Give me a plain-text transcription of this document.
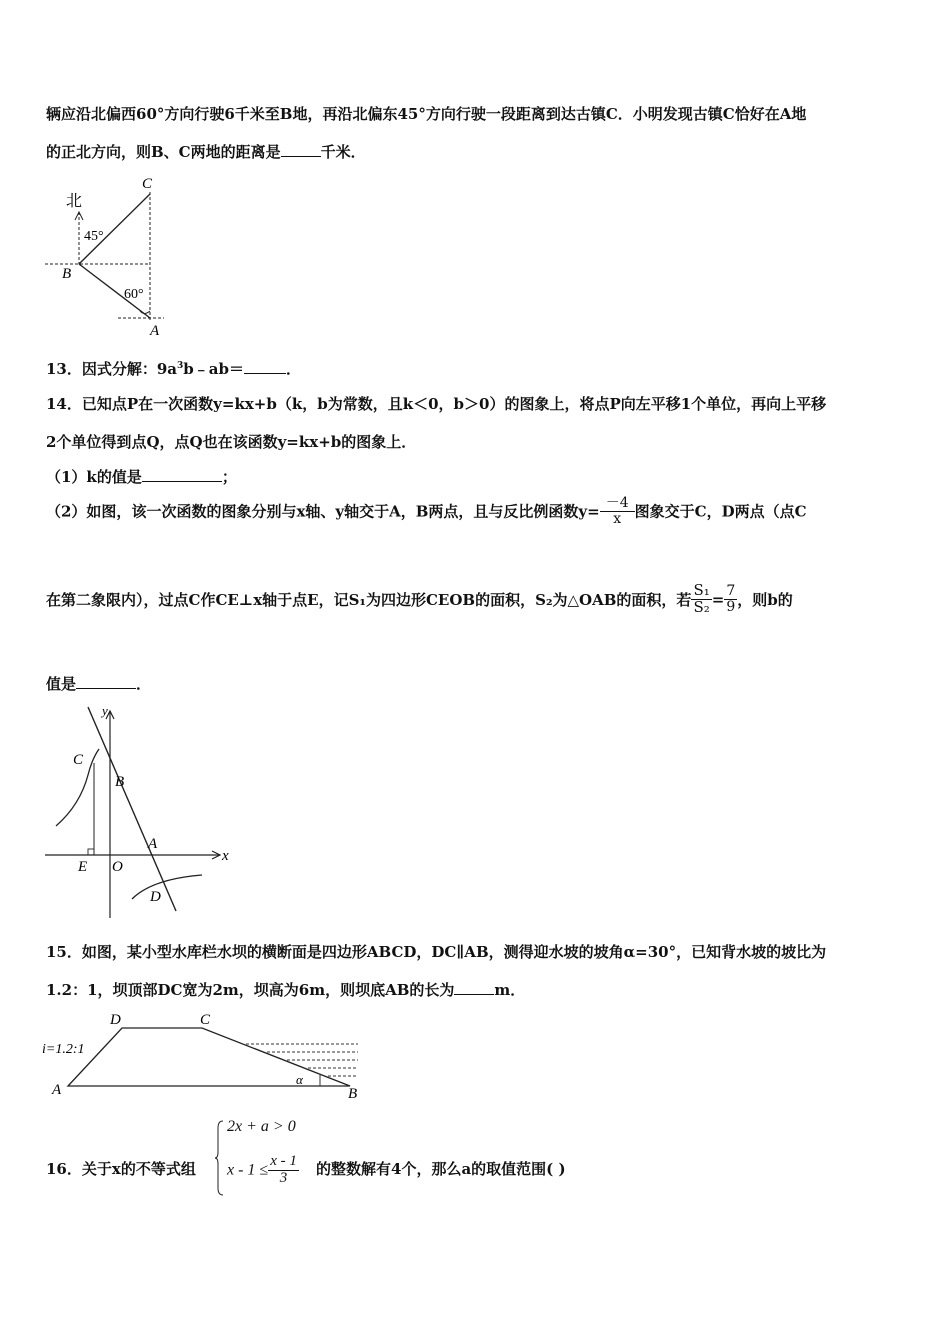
辆应沿北偏西60°方向行驶6千米至B地，再沿北偏东45°方向行驶一段距离到达古镇C．小明发现古镇C恰好在A地
的正北方向，则B、C两地的距离是	千米．
北
45°
60°
B
C
A
13．因式分解：$9a^3b﹣ab=$	．
14．已知点P在一次函数y=kx+b（k，b为常数，且k＜0，b＞0）的图象上，将点P向左平移1个单位，再向上平移
2个单位得到点Q，点Q也在该函数y=kx+b的图象上．
（1）k的值是	；
（2）如图，该一次函数的图象分别与x轴、y轴交于A，B两点，且与反比例函数$y= \frac{-4}{x}$ 图象交于C，D两点（点C
在第二象限内），过点C作CE⊥x轴于点E，记S₁为四边形CEOB的面积，S₂为△OAB的面积，若 $\frac{\text{S₁}}{\text{S₂}} = \frac{7}{9}$ ，则b的
值是	．
x
y
C
B
A
E O
D
15．如图，某小型水库栏水坝的横断面是四边形ABCD，DC∥AB，测得迎水坡的坡角α=30°，已知背水坡的坡比为
1.2：1，坝顶部DC宽为2m，坝高为6m，则坝底AB的长为	m．
D	C
A	B
i=1.2:1
α
16．关于x的不等式组
2x + a > 0
$x - 1 \le \frac{x - 1}{3}$ 的整数解有4个，那么a的取值范围( )
